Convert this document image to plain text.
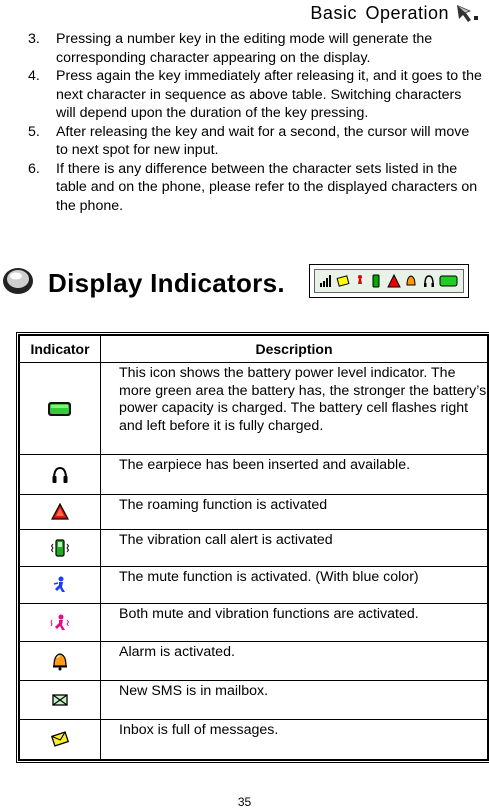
Basic Operation
3.	Pressing a number key in the editing mode will generate the corresponding character appearing on the display.
4.	Press again the key immediately after releasing it, and it goes to the next character in sequence as above table. Switching characters will depend upon the duration of the key pressing.
5.	After releasing the key and wait for a second, the cursor will move to next spot for new input.
6.	If there is any difference between the character sets listed in the table and on the phone, please refer to the displayed characters on the phone.
Display Indicators.
Indicator	Description

	This icon shows the battery power level indicator. The more green area the battery has, the stronger the battery’s power capacity is charged. The battery cell flashes right and left before it is fully charged.

	The earpiece has been inserted and available.

	The roaming function is activated

	The vibration call alert is activated

	The mute function is activated. (With blue color)

	Both mute and vibration functions are activated.

	Alarm is activated.

	New SMS is in mailbox.

	Inbox is full of messages.
35
